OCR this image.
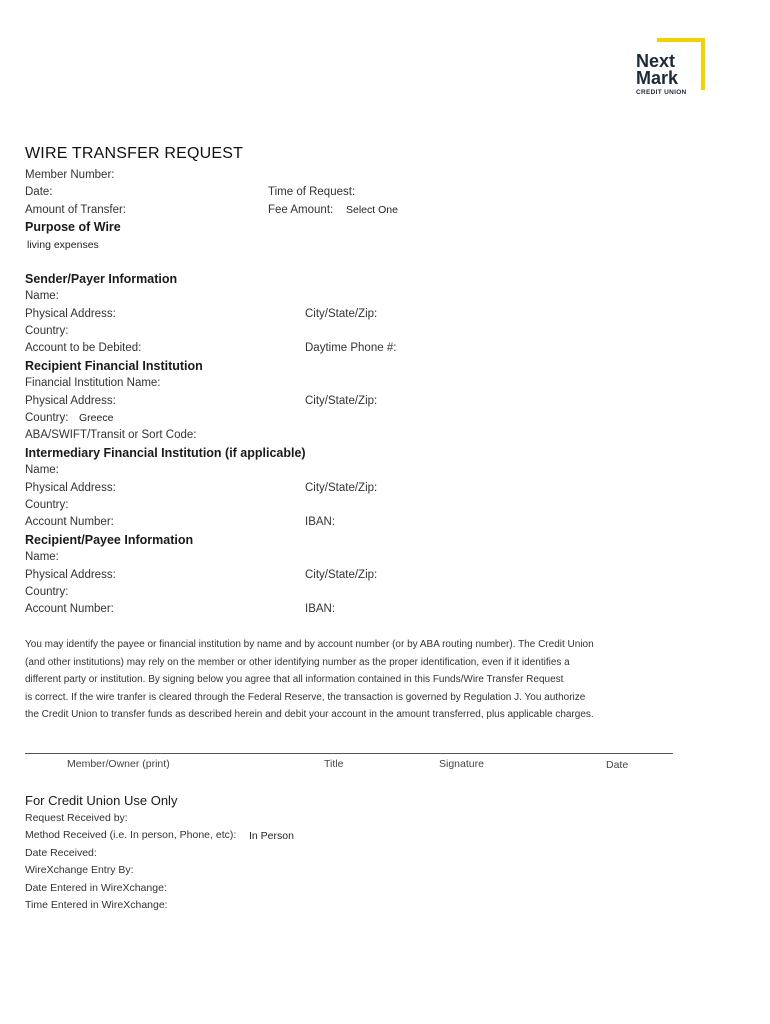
Next
Mark
CREDIT UNION
WIRE TRANSFER REQUEST
Member Number:
Date:	Time of Request:
Amount of Transfer:	Fee Amount: Select One
Purpose of Wire
living expenses
Sender/Payer Information
Name:
Physical Address:	City/State/Zip:
Country:
Account to be Debited:	Daytime Phone #:
Recipient Financial Institution
Financial Institution Name:
Physical Address:	City/State/Zip:
Country: Greece
ABA/SWIFT/Transit or Sort Code:
Intermediary Financial Institution (if applicable)
Name:
Physical Address:	City/State/Zip:
Country:
Account Number:	IBAN:
Recipient/Payee Information
Name:
Physical Address:	City/State/Zip:
Country:
Account Number:	IBAN:
You may identify the payee or financial institution by name and by account number (or by ABA routing number). The Credit Union
(and other institutions) may rely on the member or other identifying number as the proper identification, even if it identifies a
different party or institution. By signing below you agree that all information contained in this Funds/Wire Transfer Request
is correct. If the wire tranfer is cleared through the Federal Reserve, the transaction is governed by Regulation J. You authorize
the Credit Union to transfer funds as described herein and debit your account in the amount transferred, plus applicable charges.
Member/Owner (print)	Title	Signature	Date
For Credit Union Use Only
Request Received by:
Method Received (i.e. In person, Phone, etc): In Person
Date Received:
WireXchange Entry By:
Date Entered in WireXchange:
Time Entered in WireXchange:
